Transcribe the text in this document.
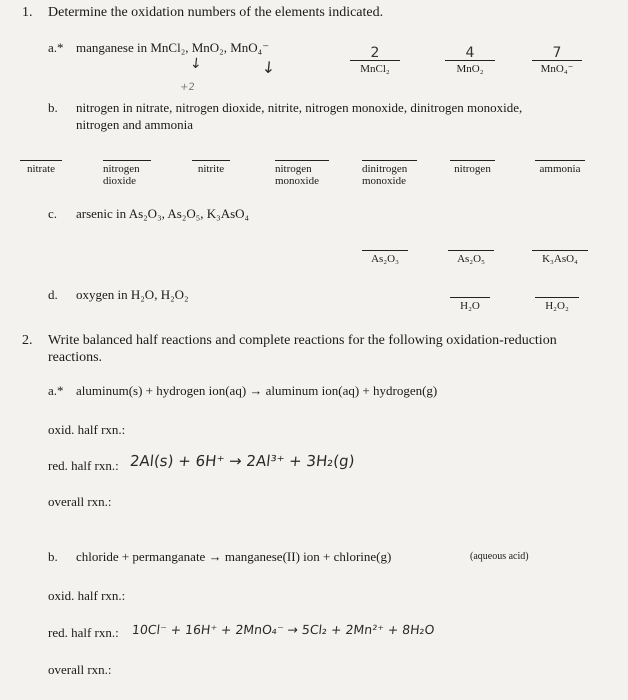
1. Determine the oxidation numbers of the elements indicated.
a.* manganese in MnCl₂, MnO₂, MnO₄⁻
↓	↓
+2
2
MnCl₂
4
MnO₂
7
MnO₄⁻
b. nitrogen in nitrate, nitrogen dioxide, nitrite, nitrogen monoxide, dinitrogen monoxide,
nitrogen and ammonia
nitrate	nitrogen dioxide
nitrite	nitrogen monoxide
dinitrogen monoxide
nitrogen	ammonia
c. arsenic in As₂O₃, As₂O₅, K₃AsO₄
As₂O₃	As₂O₅	K₃AsO₄
d. oxygen in H₂O, H₂O₂
H₂O	H₂O₂
2. Write balanced half reactions and complete reactions for the following oxidation-reduction
reactions.
a.* aluminum(s) + hydrogen ion(aq) → aluminum ion(aq) + hydrogen(g)
oxid. half rxn.:
red. half rxn.: 2Al(s) + 6H⁺ → 2Al³⁺ + 3H₂(g)
overall rxn.:
b. chloride + permanganate → manganese(II) ion + chlorine(g)	(aqueous acid)
oxid. half rxn.:
red. half rxn.: 10Cl⁻ + 16H⁺ + 2MnO₄⁻ → 5Cl₂ + 2Mn²⁺ + 8H₂O
overall rxn.:
